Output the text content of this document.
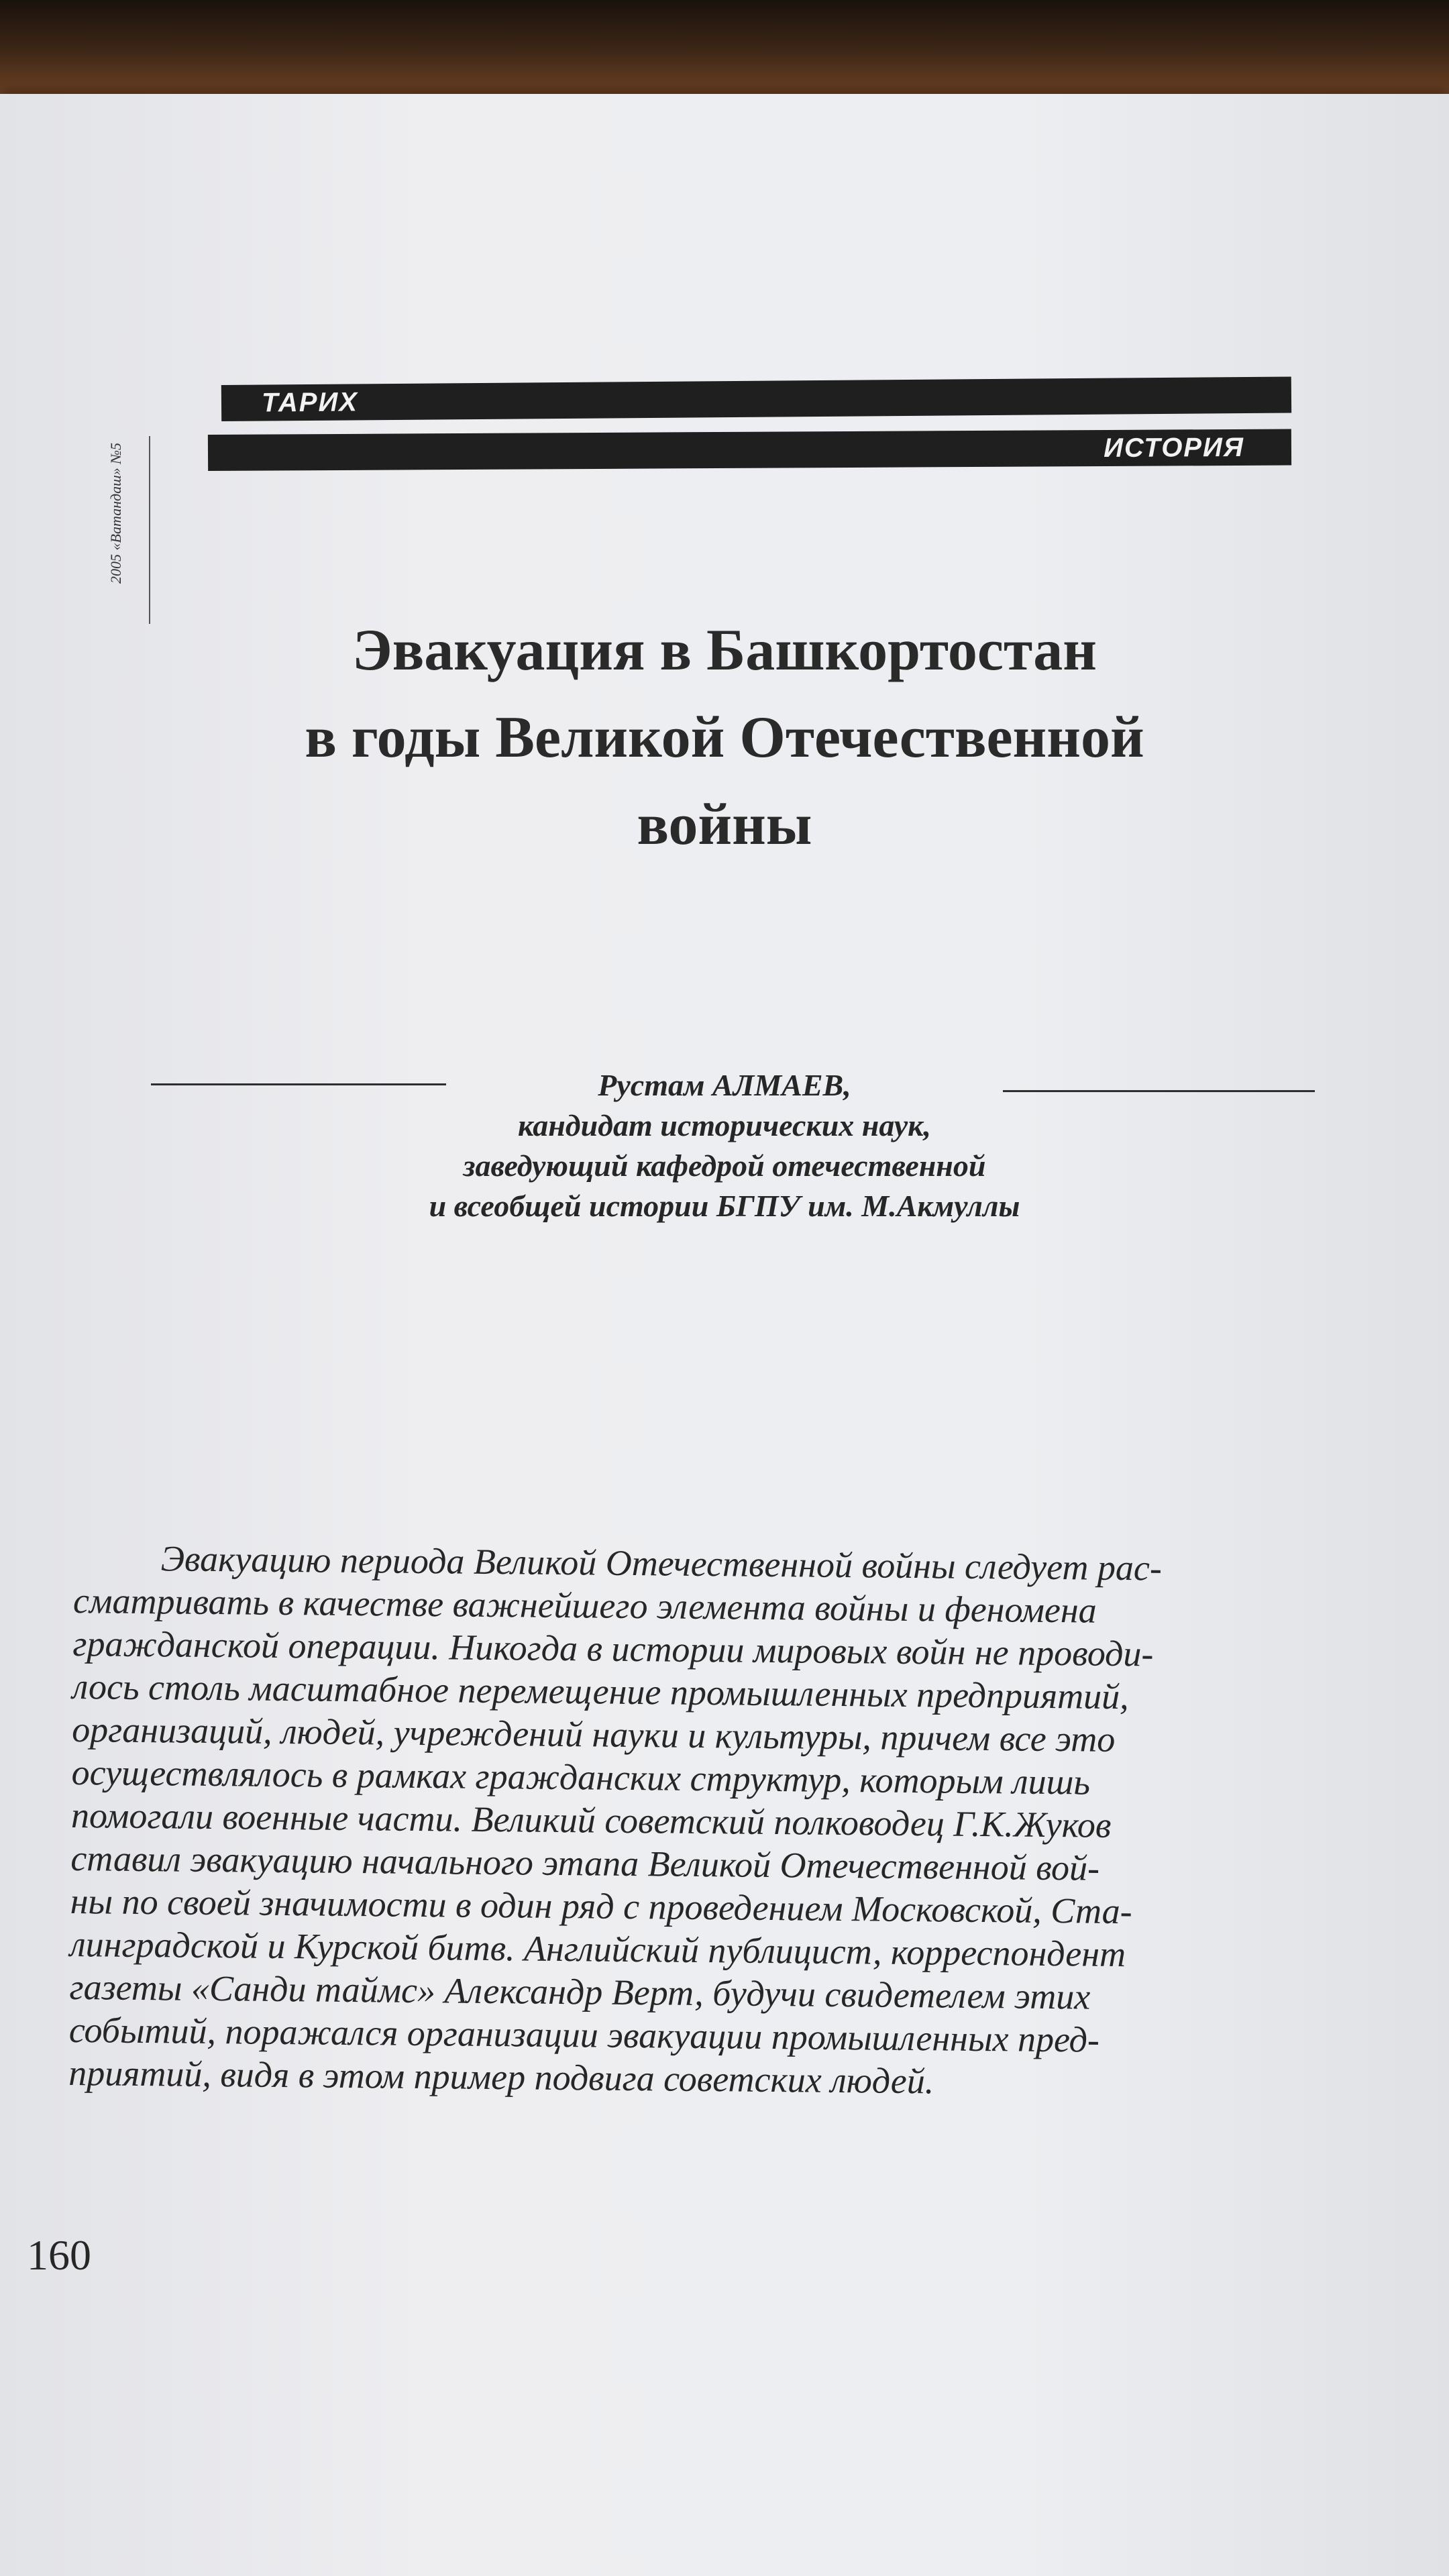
ТАРИХ
ИСТОРИЯ
2005 «Ватандаш» №5
Эвакуация в Башкортостан
в годы Великой Отечественной
войны
Рустам АЛМАЕВ,
кандидат исторических наук,
заведующий кафедрой отечественной
и всеобщей истории БГПУ им. М.Акмуллы
Эвакуацию периода Великой Отечественной войны следует рас-
сматривать в качестве важнейшего элемента войны и феномена
гражданской операции. Никогда в истории мировых войн не проводи-
лось столь масштабное перемещение промышленных предприятий,
организаций, людей, учреждений науки и культуры, причем все это
осуществлялось в рамках гражданских структур, которым лишь
помогали военные части. Великий советский полководец Г.К.Жуков
ставил эвакуацию начального этапа Великой Отечественной вой-
ны по своей значимости в один ряд с проведением Московской, Ста-
линградской и Курской битв. Английский публицист, корреспондент
газеты «Санди таймс» Александр Верт, будучи свидетелем этих
событий, поражался организации эвакуации промышленных пред-
приятий, видя в этом пример подвига советских людей.
160
